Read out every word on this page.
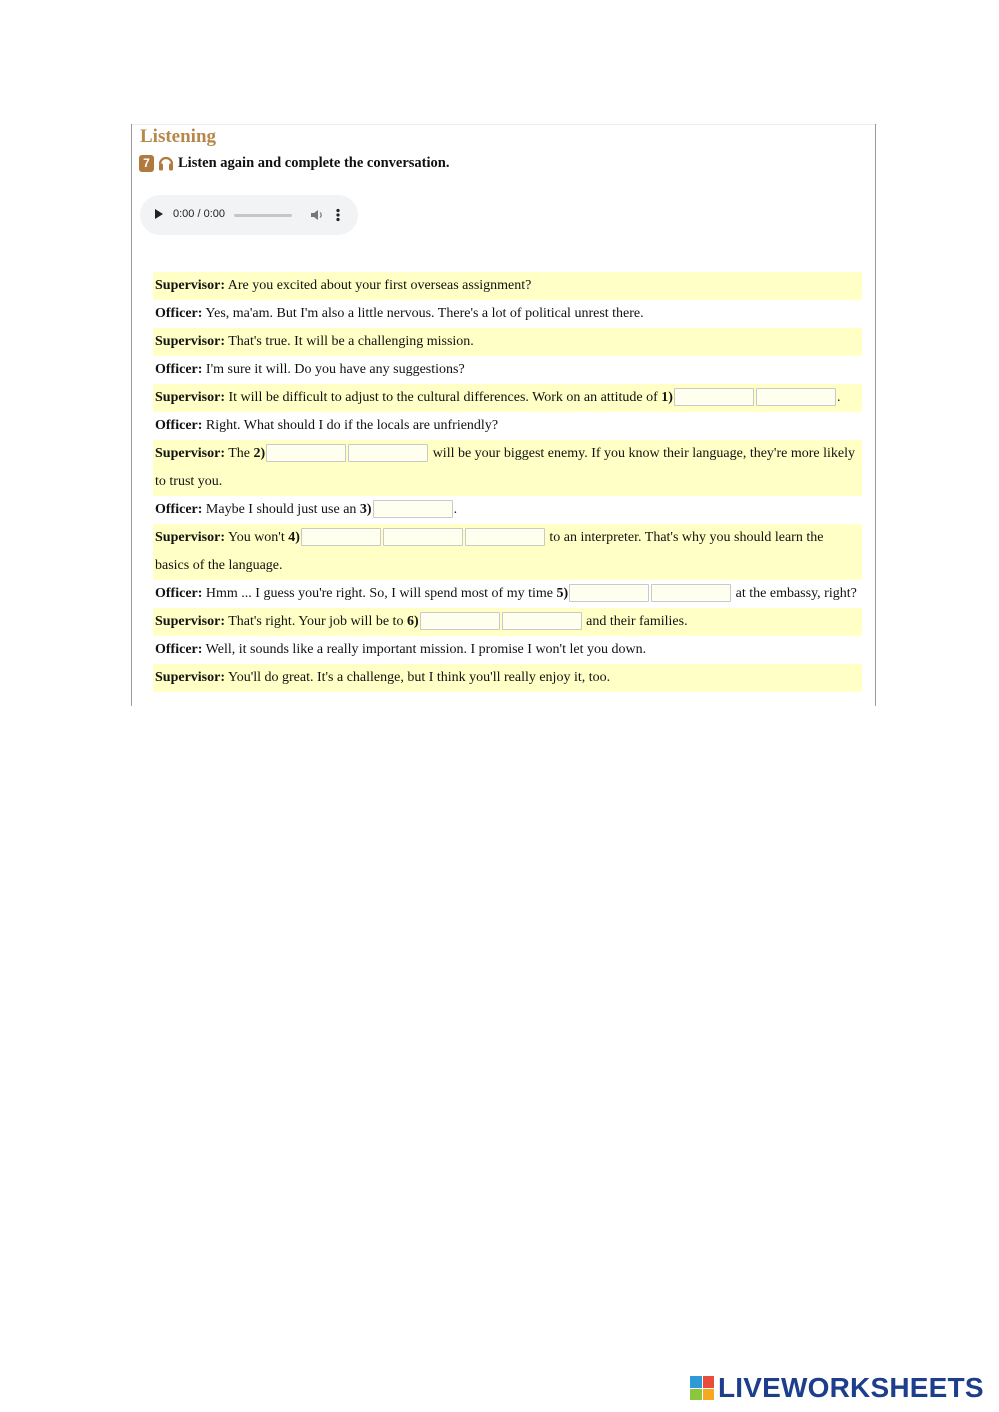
Listening
7 Listen again and complete the conversation.
0:00 / 0:00
Supervisor: Are you excited about your first overseas assignment?
Officer: Yes, ma'am. But I'm also a little nervous. There's a lot of political unrest there.
Supervisor: That's true. It will be a challenging mission.
Officer: I'm sure it will. Do you have any suggestions?
Supervisor: It will be difficult to adjust to the cultural differences. Work on an attitude of 1)	.
Officer: Right. What should I do if the locals are unfriendly?
Supervisor: The 2)	will be your biggest enemy. If you know their language, they're more likely to trust you.
Officer: Maybe I should just use an 3)	.
Supervisor: You won't 4)	to an interpreter. That's why you should learn the basics of the language.
Officer: Hmm ... I guess you're right. So, I will spend most of my time 5)	at the embassy, right?
Supervisor: That's right. Your job will be to 6)	and their families.
Officer: Well, it sounds like a really important mission. I promise I won't let you down.
Supervisor: You'll do great. It's a challenge, but I think you'll really enjoy it, too.
LIVEWORKSHEETS
